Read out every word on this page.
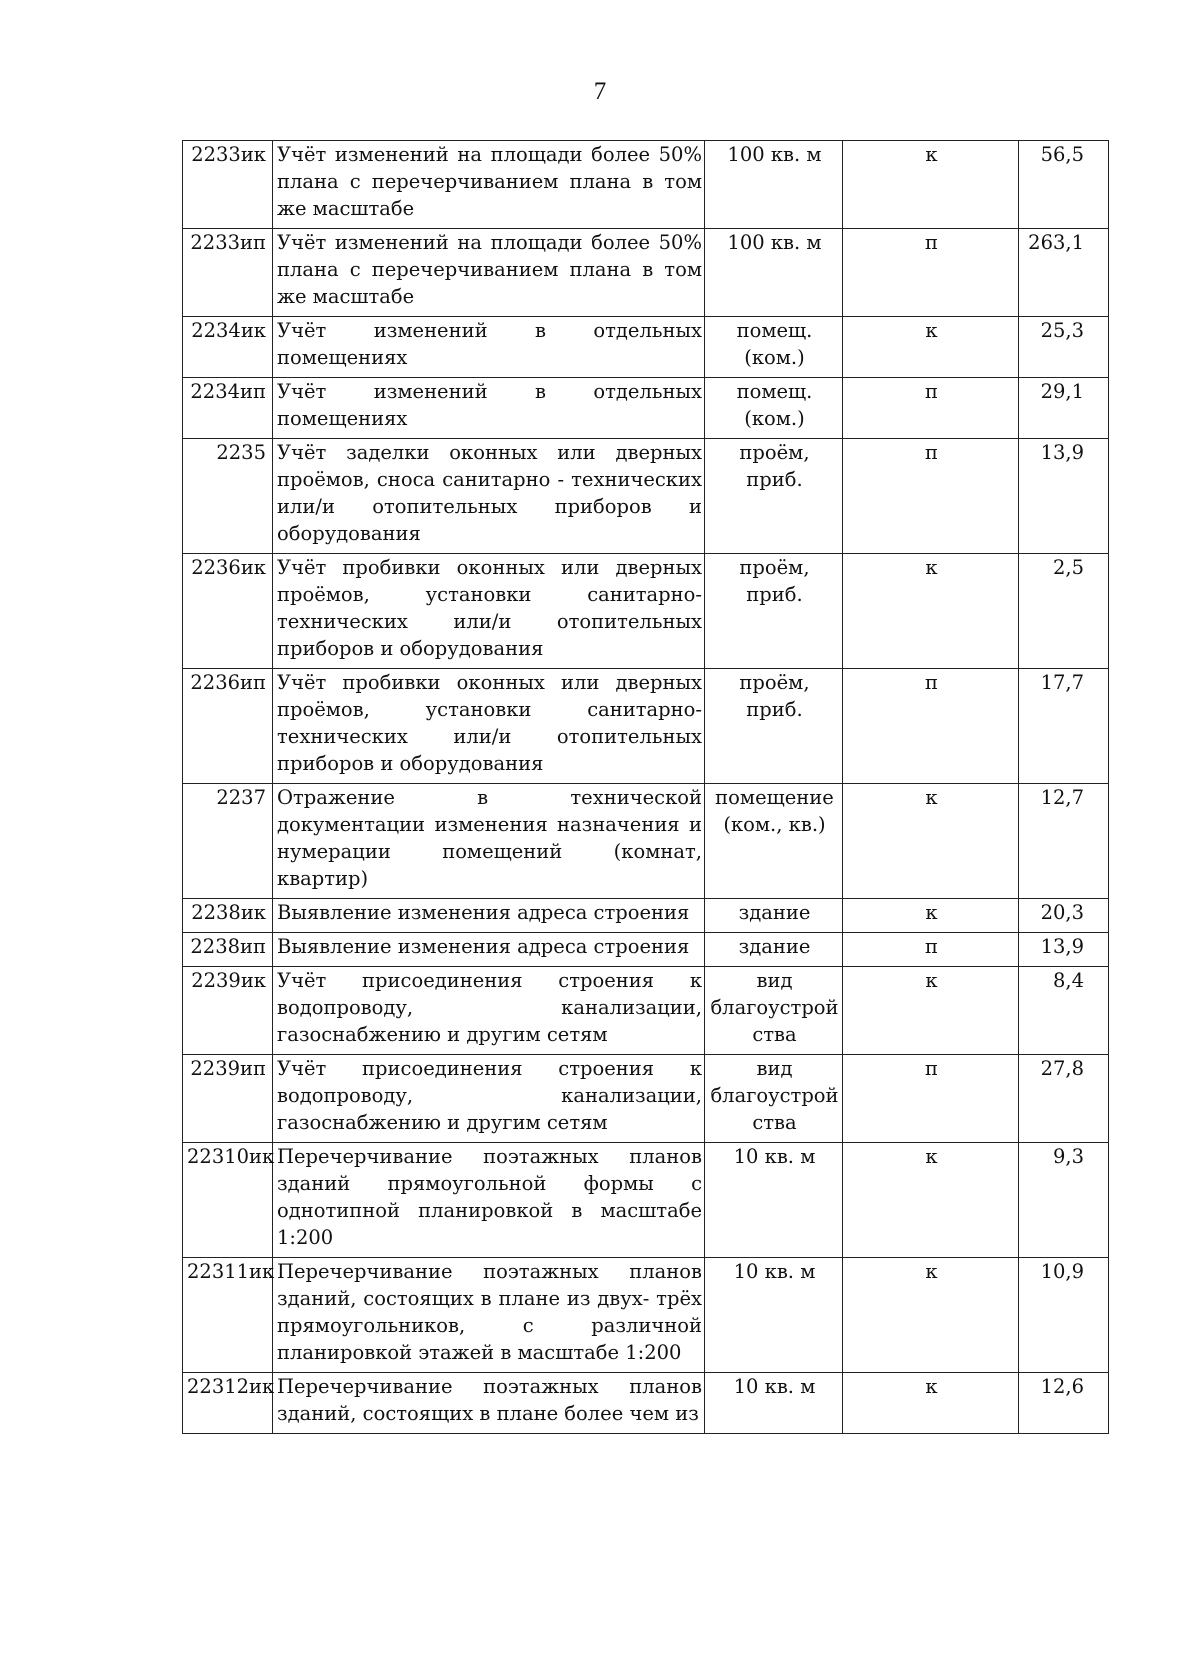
7
2233ик	Учёт изменений на площади более 50% плана с перечерчиванием плана в том же масштабе	100 кв. м	к	56,5
2233ип	Учёт изменений на площади более 50% плана с перечерчиванием плана в том же масштабе	100 кв. м	п	263,1
2234ик	Учёт изменений в отдельных помещениях	помещ. (ком.)	к	25,3
2234ип	Учёт изменений в отдельных помещениях	помещ. (ком.)	п	29,1
2235	Учёт заделки оконных или дверных проёмов, сноса санитарно - технических или/и отопительных приборов и оборудования	проём, приб.	п	13,9
2236ик	Учёт пробивки оконных или дверных проёмов, установки санитарно-технических или/и отопительных приборов и оборудования	проём, приб.	к	2,5
2236ип	Учёт пробивки оконных или дверных проёмов, установки санитарно-технических или/и отопительных приборов и оборудования	проём, приб.	п	17,7
2237	Отражение в технической документации изменения назначения и нумерации помещений (комнат, квартир)	помещение (ком., кв.)	к	12,7
2238ик	Выявление изменения адреса строения	здание	к	20,3
2238ип	Выявление изменения адреса строения	здание	п	13,9
2239ик	Учёт присоединения строения к водопроводу, канализации, газоснабжению и другим сетям	вид благоустрой ства	к	8,4
2239ип	Учёт присоединения строения к водопроводу, канализации, газоснабжению и другим сетям	вид благоустрой ства	п	27,8
22310ик	Перечерчивание поэтажных планов зданий прямоугольной формы с однотипной планировкой в масштабе 1:200	10 кв. м	к	9,3
22311ик	Перечерчивание поэтажных планов зданий, состоящих в плане из двух- трёх прямоугольников, с различной планировкой этажей в масштабе 1:200	10 кв. м	к	10,9
22312ик	Перечерчивание поэтажных планов зданий, состоящих в плане более чем из	10 кв. м	к	12,6
